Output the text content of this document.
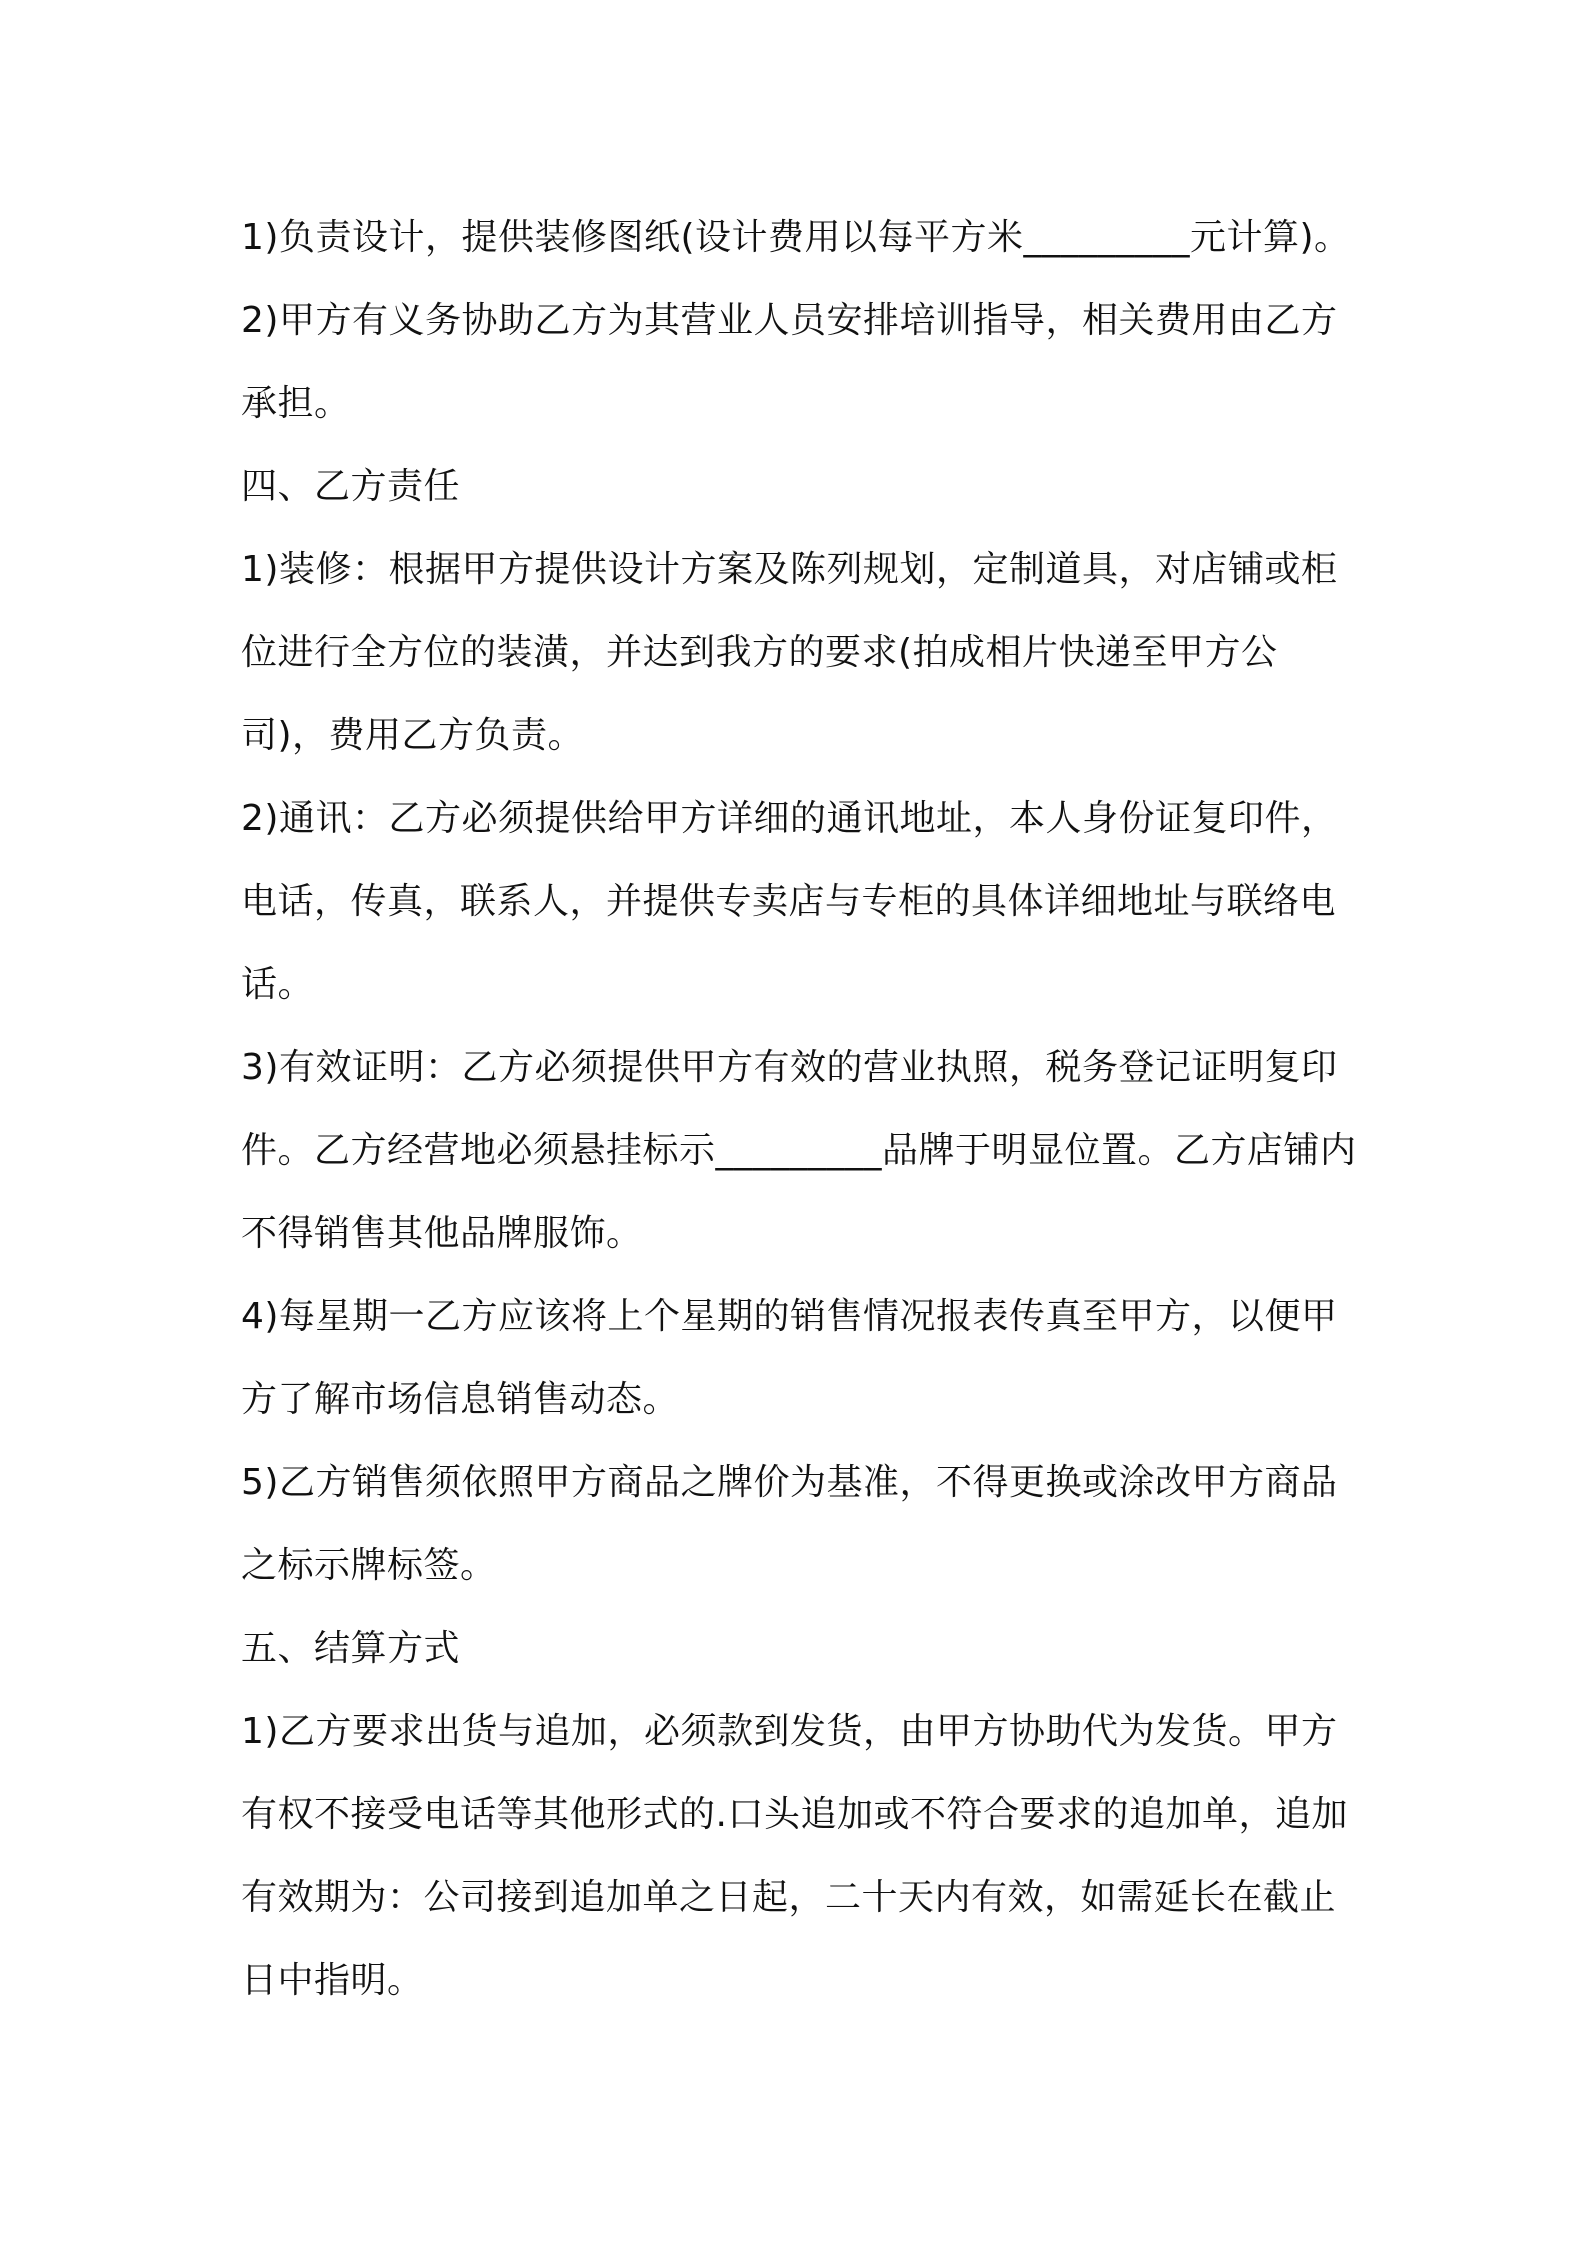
1)负责设计，提供装修图纸(设计费用以每平方米_________元计算)。

2)甲方有义务协助乙方为其营业人员安排培训指导，相关费用由乙方承担。

四、乙方责任

1)装修：根据甲方提供设计方案及陈列规划，定制道具，对店铺或柜位进行全方位的装潢，并达到我方的要求(拍成相片快递至甲方公司)，费用乙方负责。

2)通讯：乙方必须提供给甲方详细的通讯地址，本人身份证复印件，电话，传真，联系人，并提供专卖店与专柜的具体详细地址与联络电话。

3)有效证明：乙方必须提供甲方有效的营业执照，税务登记证明复印件。乙方经营地必须悬挂标示_________品牌于明显位置。乙方店铺内不得销售其他品牌服饰。

4)每星期一乙方应该将上个星期的销售情况报表传真至甲方，以便甲方了解市场信息销售动态。

5)乙方销售须依照甲方商品之牌价为基准，不得更换或涂改甲方商品之标示牌标签。

五、结算方式

1)乙方要求出货与追加，必须款到发货，由甲方协助代为发货。甲方有权不接受电话等其他形式的.口头追加或不符合要求的追加单，追加有效期为：公司接到追加单之日起，二十天内有效，如需延长在截止日中指明。
